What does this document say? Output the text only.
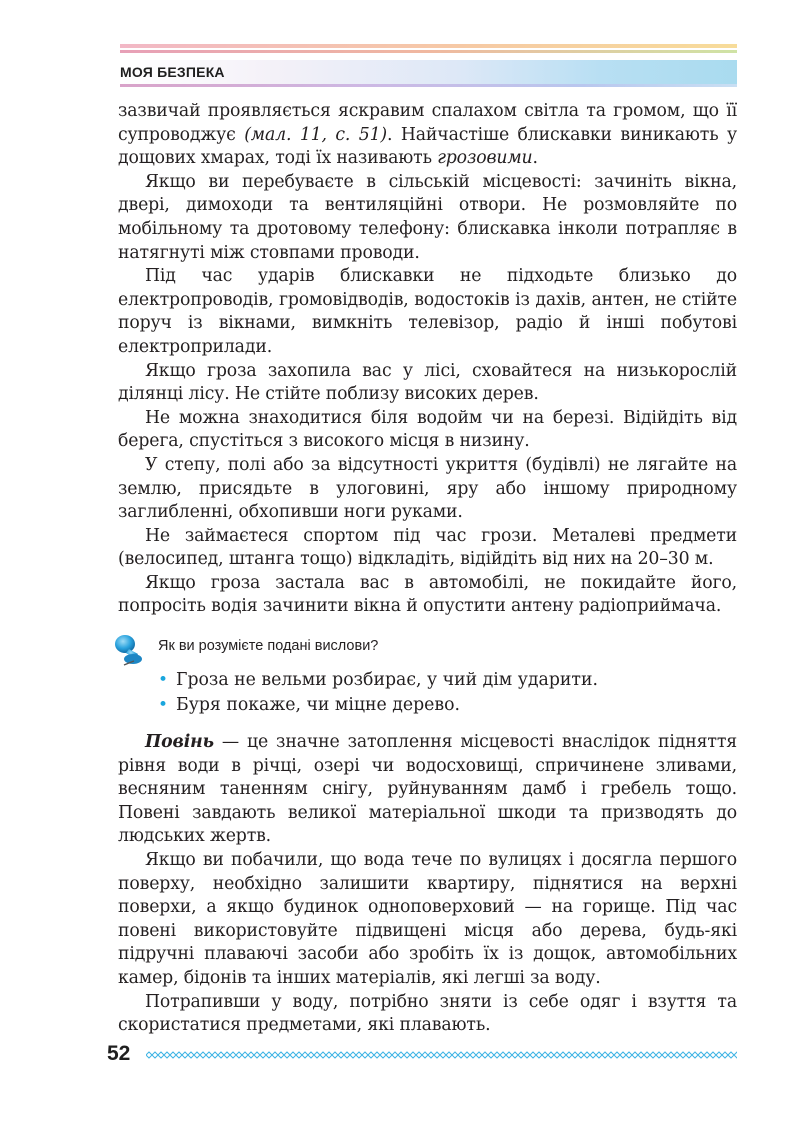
МОЯ БЕЗПЕКА

зазвичай проявляється яскравим спалахом світла та громом, що її супроводжує (мал. 11, с. 51). Найчастіше блискавки виникають у дощових хмарах, тоді їх називають грозовими.

Якщо ви перебуваєте в сільській місцевості: зачиніть вікна, двері, димоходи та вентиляційні отвори. Не розмовляйте по мобільному та дротовому телефону: блискавка інколи потрапляє в натягнуті між стовпами проводи.

Під час ударів блискавки не підходьте близько до електропроводів, громовідводів, водостоків із дахів, антен, не стійте поруч із вікнами, вимкніть телевізор, радіо й інші побутові електроприлади.

Якщо гроза захопила вас у лісі, сховайтеся на низькорослій ділянці лісу. Не стійте поблизу високих дерев.

Не можна знаходитися біля водойм чи на березі. Відійдіть від берега, спустіться з високого місця в низину.

У степу, полі або за відсутності укриття (будівлі) не лягайте на землю, присядьте в улоговині, яру або іншому природному заглибленні, обхопивши ноги руками.

Не займаєтеся спортом під час грози. Металеві предмети (велосипед, штанга тощо) відкладіть, відійдіть від них на 20–30 м.

Якщо гроза застала вас в автомобілі, не покидайте його, попросіть водія зачинити вікна й опустити антену радіоприймача.

Як ви розумієте подані вислови?
• Гроза не вельми розбирає, у чий дім ударити.
• Буря покаже, чи міцне дерево.

Повінь — це значне затоплення місцевості внаслідок підняття рівня води в річці, озері чи водосховищі, спричинене зливами, весняним таненням снігу, руйнуванням дамб і гребель тощо. Повені завдають великої матеріальної шкоди та призводять до людських жертв.

Якщо ви побачили, що вода тече по вулицях і досягла першого поверху, необхідно залишити квартиру, піднятися на верхні поверхи, а якщо будинок одноповерховий — на горище. Під час повені використовуйте підвищені місця або дерева, будь-які підручні плаваючі засоби або зробіть їх із дощок, автомобільних камер, бідонів та інших матеріалів, які легші за воду.

Потрапивши у воду, потрібно зняти із себе одяг і взуття та скористатися предметами, які плавають.

52
